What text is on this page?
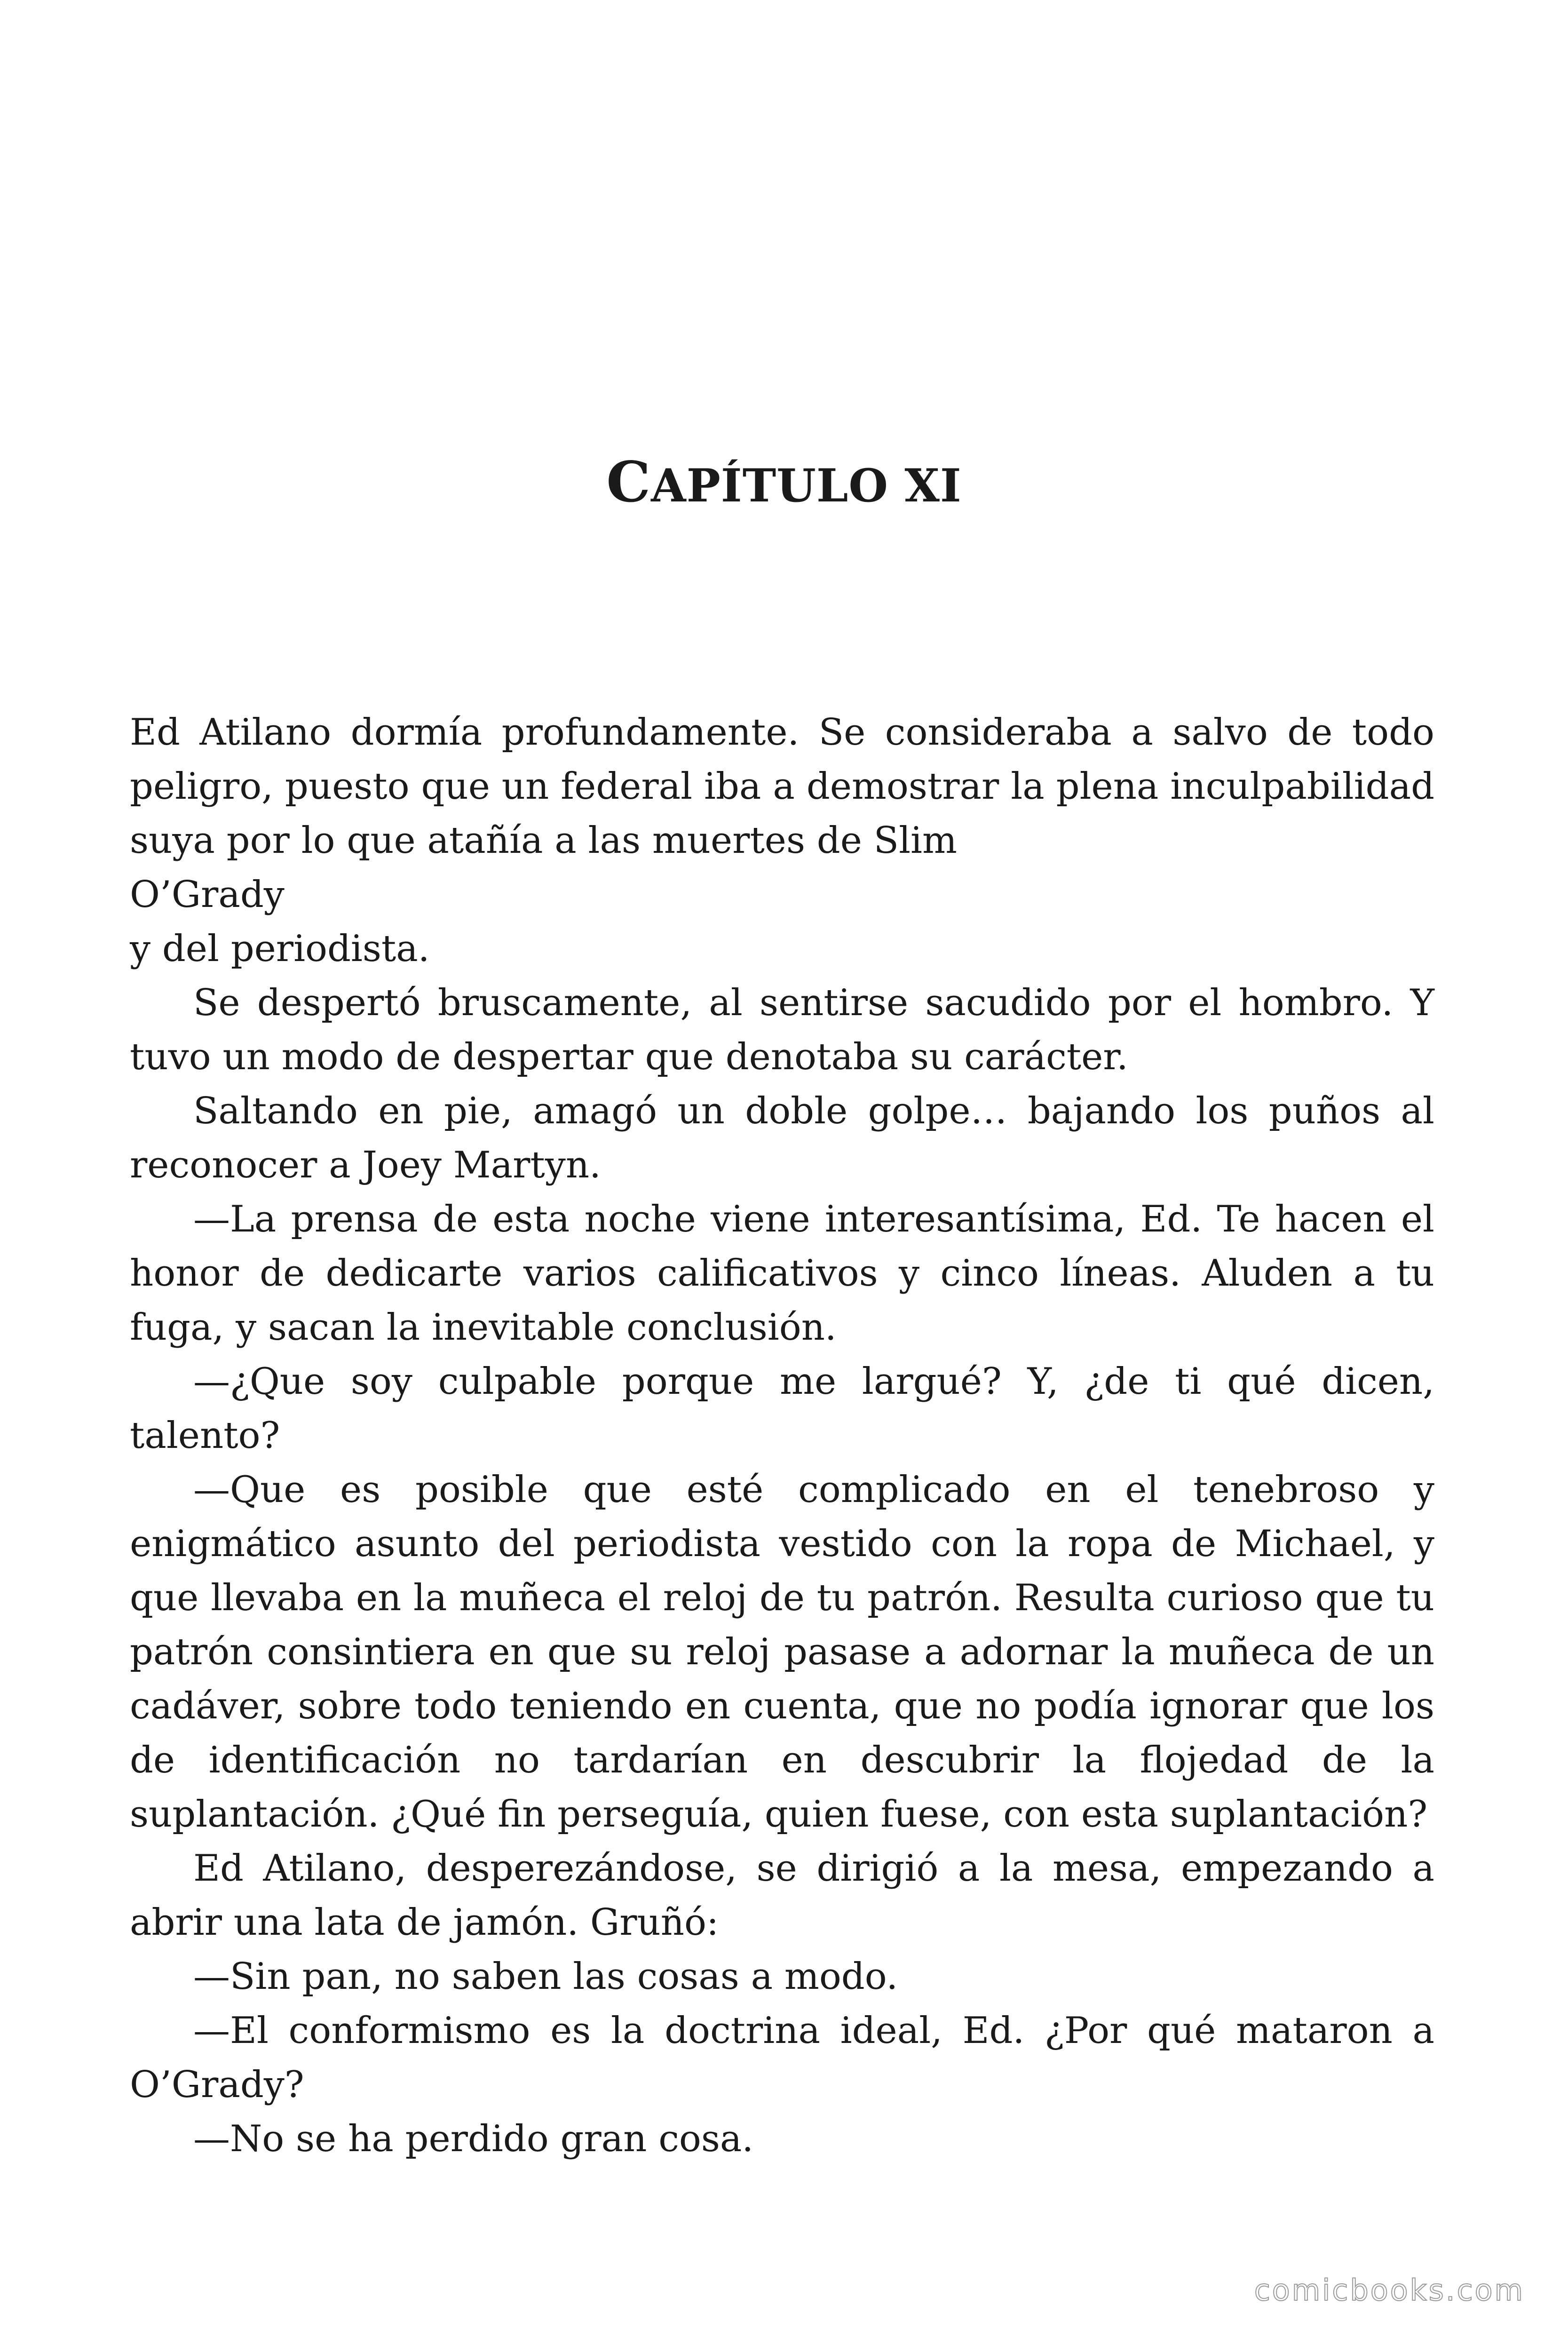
CAPÍTULO XI

Ed Atilano dormía profundamente. Se consideraba a salvo de todo peligro, puesto que un federal iba a demostrar la plena inculpabilidad suya por lo que atañía a las muertes de Slim

O’Grady

y del periodista.

Se despertó bruscamente, al sentirse sacudido por el hombro. Y tuvo un modo de despertar que denotaba su carácter.

Saltando en pie, amagó un doble golpe… bajando los puños al reconocer a Joey Martyn.

—La prensa de esta noche viene interesantísima, Ed. Te hacen el honor de dedicarte varios calificativos y cinco líneas. Aluden a tu fuga, y sacan la inevitable conclusión.

—¿Que soy culpable porque me largué? Y, ¿de ti qué dicen, talento?

—Que es posible que esté complicado en el tenebroso y enigmático asunto del periodista vestido con la ropa de Michael, y que llevaba en la muñeca el reloj de tu patrón. Resulta curioso que tu patrón consintiera en que su reloj pasase a adornar la muñeca de un cadáver, sobre todo teniendo en cuenta, que no podía ignorar que los de identificación no tardarían en descubrir la flojedad de la suplantación. ¿Qué fin perseguía, quien fuese, con esta suplantación?

Ed Atilano, desperezándose, se dirigió a la mesa, empezando a abrir una lata de jamón. Gruñó:

—Sin pan, no saben las cosas a modo.

—El conformismo es la doctrina ideal, Ed. ¿Por qué mataron a O’Grady?

—No se ha perdido gran cosa.

comicbooks.com
